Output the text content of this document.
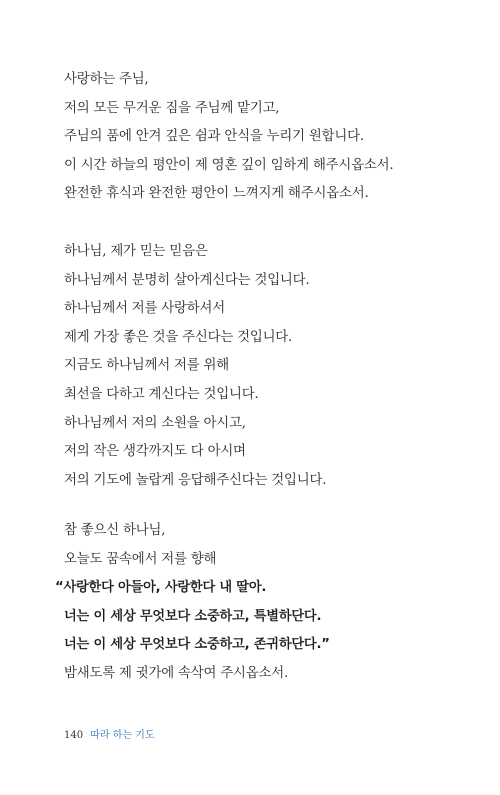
사랑하는 주님,
저의 모든 무거운 짐을 주님께 맡기고,
주님의 품에 안겨 깊은 쉼과 안식을 누리기 원합니다.
이 시간 하늘의 평안이 제 영혼 깊이 임하게 해주시옵소서.
완전한 휴식과 완전한 평안이 느껴지게 해주시옵소서.
하나님, 제가 믿는 믿음은
하나님께서 분명히 살아계신다는 것입니다.
하나님께서 저를 사랑하셔서
제게 가장 좋은 것을 주신다는 것입니다.
지금도 하나님께서 저를 위해
최선을 다하고 계신다는 것입니다.
하나님께서 저의 소원을 아시고,
저의 작은 생각까지도 다 아시며
저의 기도에 놀랍게 응답해주신다는 것입니다.
참 좋으신 하나님,
오늘도 꿈속에서 저를 향해
“사랑한다 아들아, 사랑한다 내 딸아.
너는 이 세상 무엇보다 소중하고, 특별하단다.
너는 이 세상 무엇보다 소중하고, 존귀하단다.”
밤새도록 제 귓가에 속삭여 주시옵소서.
140 따라 하는 기도
